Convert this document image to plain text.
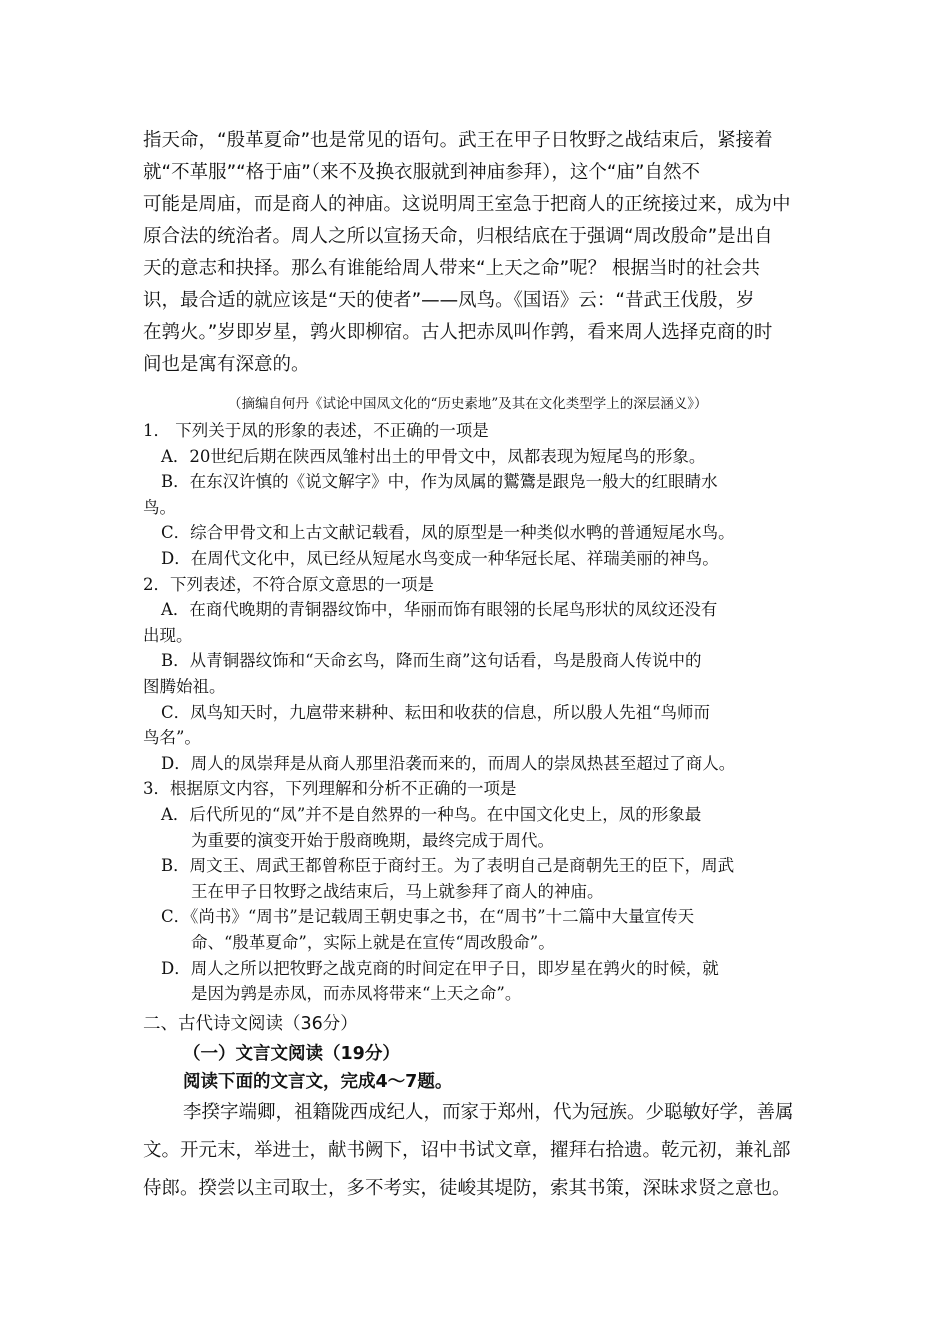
指天命，“殷革夏命”也是常见的语句。武王在甲子日牧野之战结束后，紧接着
就“不革服”“格于庙”（来不及换衣服就到神庙参拜），这个“庙”自然不
可能是周庙，而是商人的神庙。这说明周王室急于把商人的正统接过来，成为中
原合法的统治者。周人之所以宣扬天命，归根结底在于强调“周改殷命”是出自
天的意志和抉择。那么有谁能给周人带来“上天之命”呢？ 根据当时的社会共
识，最合适的就应该是“天的使者”——凤鸟。《国语》云：“昔武王伐殷，岁
在鹑火。”岁即岁星，鹑火即柳宿。古人把赤凤叫作鹑，看来周人选择克商的时
间也是寓有深意的。
（摘编自何丹《试论中国凤文化的“历史素地”及其在文化类型学上的深层涵义》）
1． 下列关于凤的形象的表述，不正确的一项是
A．20世纪后期在陕西凤雏村出土的甲骨文中，凤都表现为短尾鸟的形象。
B．在东汉许慎的《说文解字》中，作为凤属的鸑鷟是跟凫一般大的红眼睛水
鸟。
C．综合甲骨文和上古文献记载看，凤的原型是一种类似水鸭的普通短尾水鸟。
D．在周代文化中，凤已经从短尾水鸟变成一种华冠长尾、祥瑞美丽的神鸟。
2．下列表述，不符合原文意思的一项是
A．在商代晚期的青铜器纹饰中，华丽而饰有眼翎的长尾鸟形状的凤纹还没有
出现。
B．从青铜器纹饰和“天命玄鸟，降而生商”这句话看，鸟是殷商人传说中的
图腾始祖。
C．凤鸟知天时，九扈带来耕种、耘田和收获的信息，所以殷人先祖“鸟师而
鸟名”。
D．周人的凤崇拜是从商人那里沿袭而来的，而周人的崇凤热甚至超过了商人。
3．根据原文内容，下列理解和分析不正确的一项是
A．后代所见的“凤”并不是自然界的一种鸟。在中国文化史上，凤的形象最
为重要的演变开始于殷商晚期，最终完成于周代。
B．周文王、周武王都曾称臣于商纣王。为了表明自己是商朝先王的臣下，周武
王在甲子日牧野之战结束后，马上就参拜了商人的神庙。
C．《尚书》“周书”是记载周王朝史事之书，在“周书”十二篇中大量宣传天
命、“殷革夏命”，实际上就是在宣传“周改殷命”。
D．周人之所以把牧野之战克商的时间定在甲子日，即岁星在鹑火的时候，就
是因为鹑是赤凤，而赤凤将带来“上天之命”。
二、古代诗文阅读（36分）
（一）文言文阅读（19分）
阅读下面的文言文，完成4～7题。
李揆字端卿，祖籍陇西成纪人，而家于郑州，代为冠族。少聪敏好学，善属
文。开元末，举进士，献书阙下，诏中书试文章，擢拜右拾遗。乾元初，兼礼部
侍郎。揆尝以主司取士，多不考实，徒峻其堤防，索其书策，深昧求贤之意也。
